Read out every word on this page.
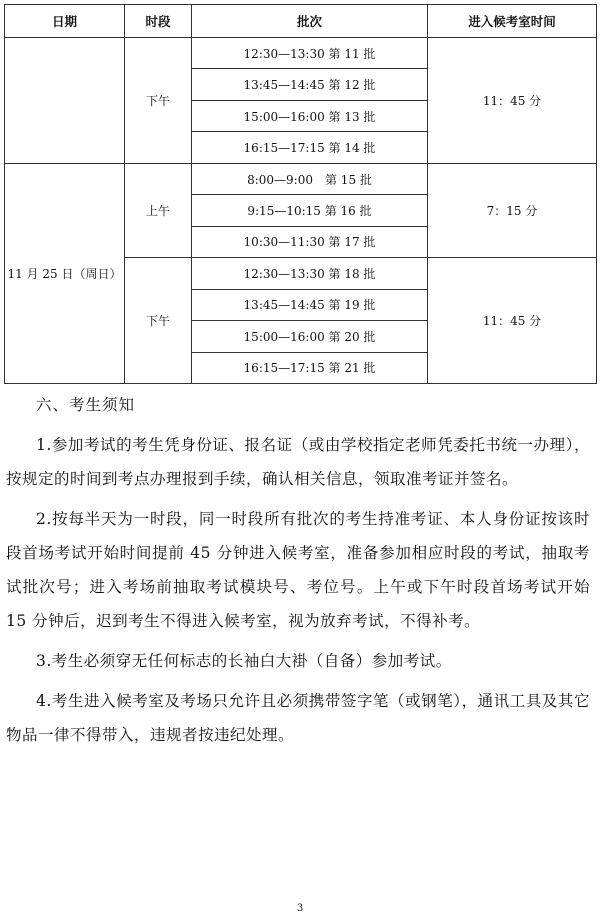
日期	时段	批次	进入候考室时间
	下午	12:30—13:30 第 11 批	11：45 分
		13:45—14:45 第 12 批	
		15:00—16:00 第 13 批	
		16:15—17:15 第 14 批	
11 月 25 日（周日）	上午	8:00—9:00　第 15 批	7：15 分
		9:15—10:15 第 16 批	
		10:30—11:30 第 17 批	
	下午	12:30—13:30 第 18 批	11：45 分
		13:45—14:45 第 19 批	
		15:00—16:00 第 20 批	
		16:15—17:15 第 21 批	

六、考生须知

1.参加考试的考生凭身份证、报名证（或由学校指定老师凭委托书统一办理），按规定的时间到考点办理报到手续，确认相关信息，领取准考证并签名。

2.按每半天为一时段，同一时段所有批次的考生持准考证、本人身份证按该时段首场考试开始时间提前 45 分钟进入候考室，准备参加相应时段的考试，抽取考试批次号；进入考场前抽取考试模块号、考位号。上午或下午时段首场考试开始 15 分钟后，迟到考生不得进入候考室，视为放弃考试，不得补考。

3.考生必须穿无任何标志的长袖白大褂（自备）参加考试。

4.考生进入候考室及考场只允许且必须携带签字笔（或钢笔），通讯工具及其它物品一律不得带入，违规者按违纪处理。

3
